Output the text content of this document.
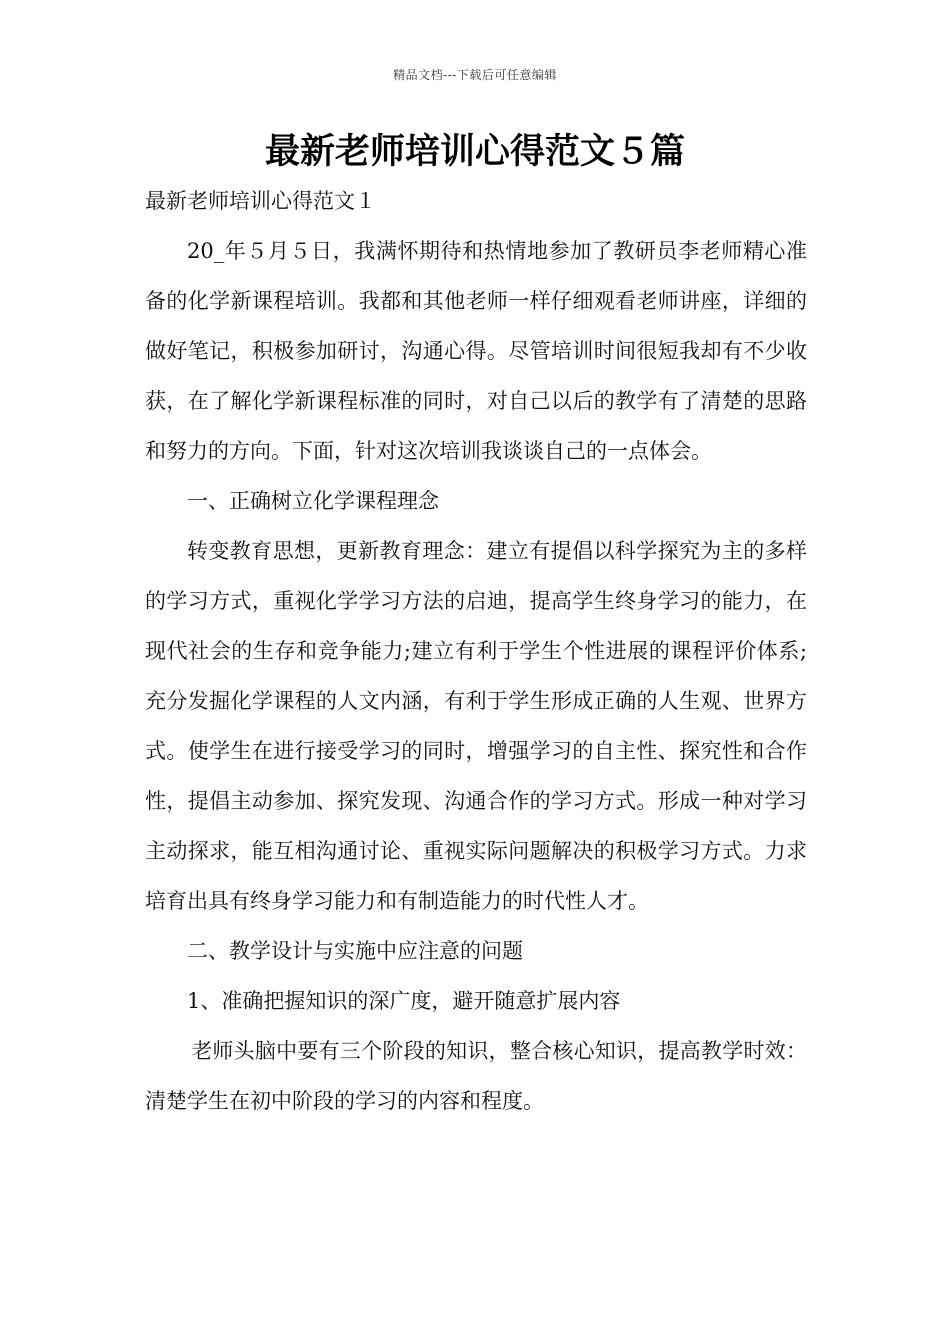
精品文档---下载后可任意编辑
最新老师培训心得范文５篇

最新老师培训心得范文１

20_年５月５日，我满怀期待和热情地参加了教研员李老师精心准备的化学新课程培训。我都和其他老师一样仔细观看老师讲座，详细的做好笔记，积极参加研讨，沟通心得。尽管培训时间很短我却有不少收获，在了解化学新课程标准的同时，对自己以后的教学有了清楚的思路和努力的方向。下面，针对这次培训我谈谈自己的一点体会。

一、正确树立化学课程理念

转变教育思想，更新教育理念：建立有提倡以科学探究为主的多样的学习方式，重视化学学习方法的启迪，提高学生终身学习的能力，在现代社会的生存和竞争能力;建立有利于学生个性进展的课程评价体系;充分发掘化学课程的人文内涵，有利于学生形成正确的人生观、世界方式。使学生在进行接受学习的同时，增强学习的自主性、探究性和合作性，提倡主动参加、探究发现、沟通合作的学习方式。形成一种对学习主动探求，能互相沟通讨论、重视实际问题解决的积极学习方式。力求培育出具有终身学习能力和有制造能力的时代性人才。

二、教学设计与实施中应注意的问题

1、准确把握知识的深广度，避开随意扩展内容

老师头脑中要有三个阶段的知识，整合核心知识，提高教学时效：清楚学生在初中阶段的学习的内容和程度。
